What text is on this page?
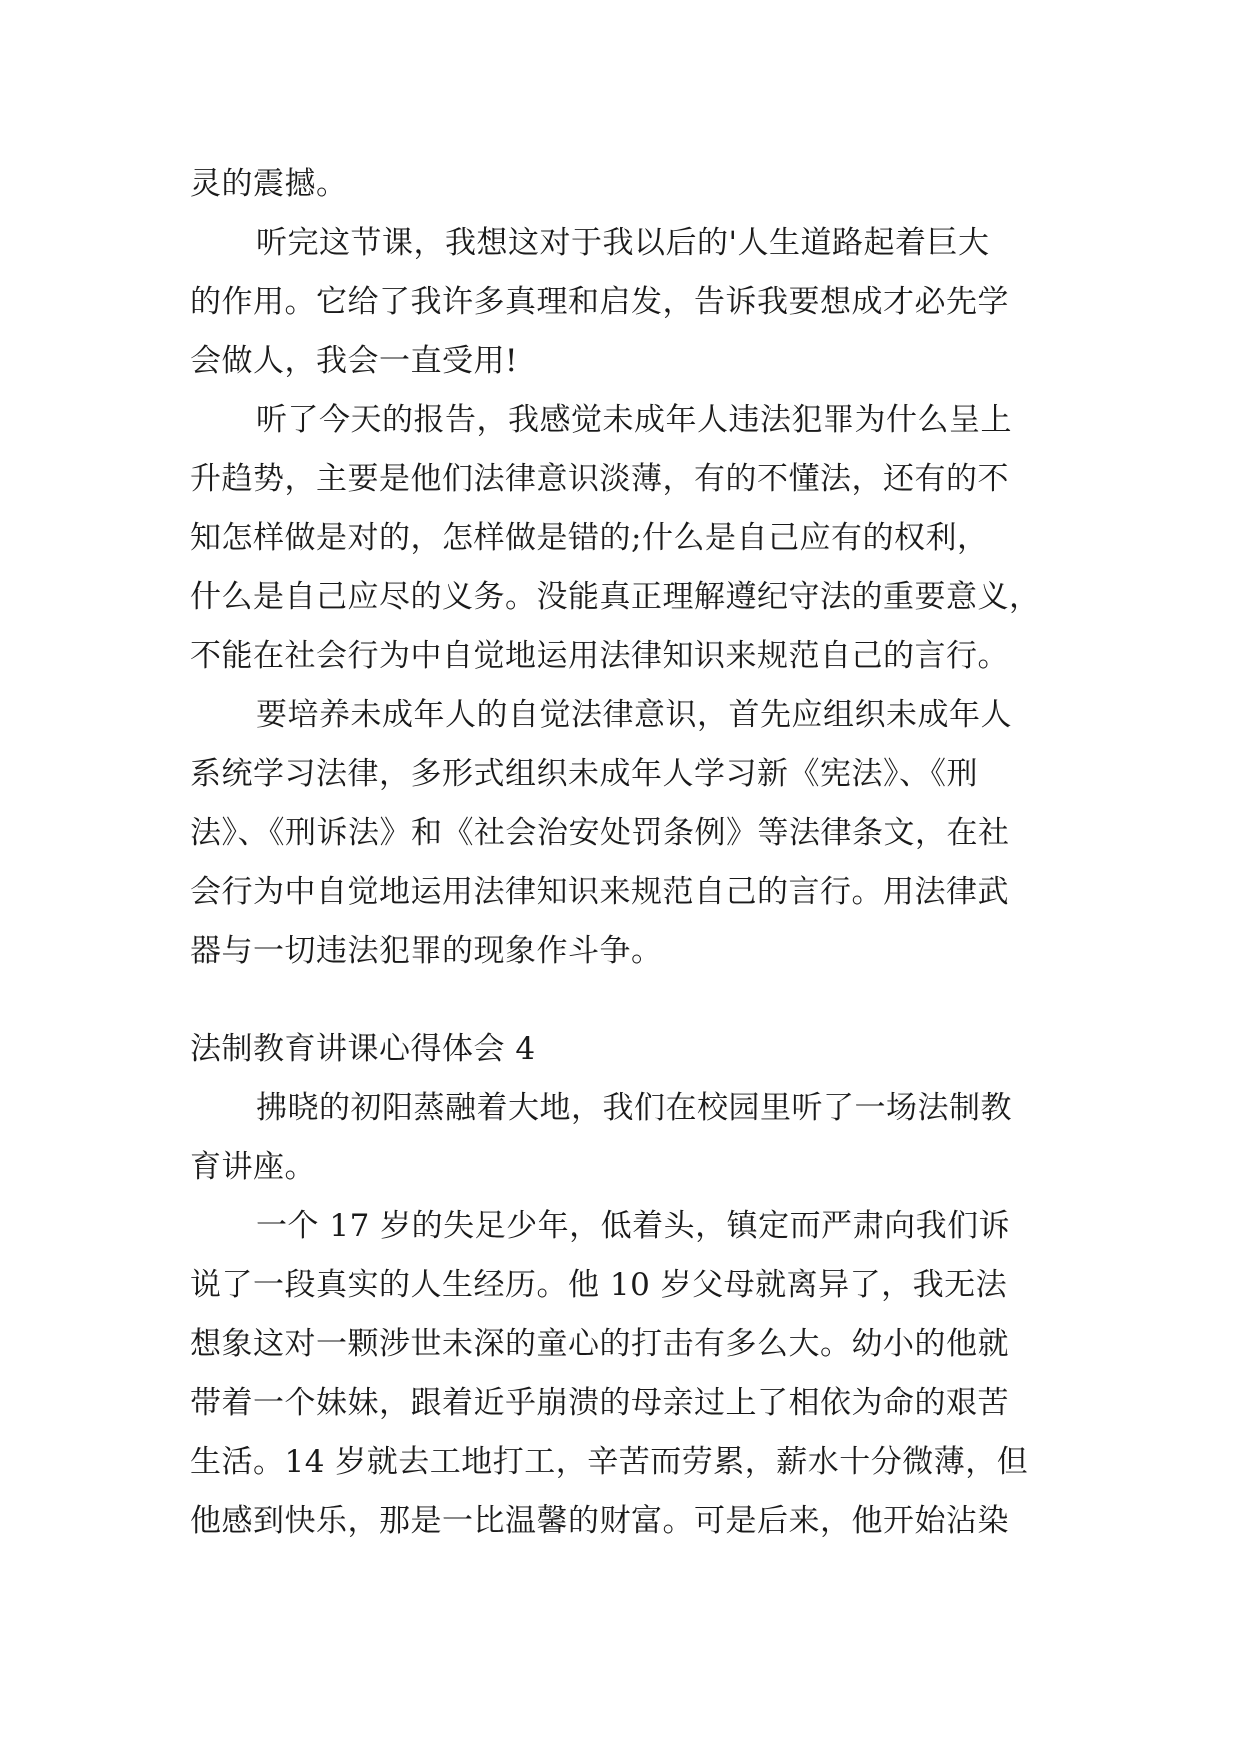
灵的震撼。
听完这节课，我想这对于我以后的'人生道路起着巨大
的作用。它给了我许多真理和启发，告诉我要想成才必先学
会做人，我会一直受用!
听了今天的报告，我感觉未成年人违法犯罪为什么呈上
升趋势，主要是他们法律意识淡薄，有的不懂法，还有的不
知怎样做是对的，怎样做是错的;什么是自己应有的权利，
什么是自己应尽的义务。没能真正理解遵纪守法的重要意义，
不能在社会行为中自觉地运用法律知识来规范自己的言行。
要培养未成年人的自觉法律意识，首先应组织未成年人
系统学习法律，多形式组织未成年人学习新《宪法》、《刑
法》、《刑诉法》和《社会治安处罚条例》等法律条文，在社
会行为中自觉地运用法律知识来规范自己的言行。用法律武
器与一切违法犯罪的现象作斗争。
法制教育讲课心得体会 4
拂晓的初阳蒸融着大地，我们在校园里听了一场法制教
育讲座。
一个 17 岁的失足少年，低着头，镇定而严肃向我们诉
说了一段真实的人生经历。他 10 岁父母就离异了，我无法
想象这对一颗涉世未深的童心的打击有多么大。幼小的他就
带着一个妹妹，跟着近乎崩溃的母亲过上了相依为命的艰苦
生活。14 岁就去工地打工，辛苦而劳累，薪水十分微薄，但
他感到快乐，那是一比温馨的财富。可是后来，他开始沾染
